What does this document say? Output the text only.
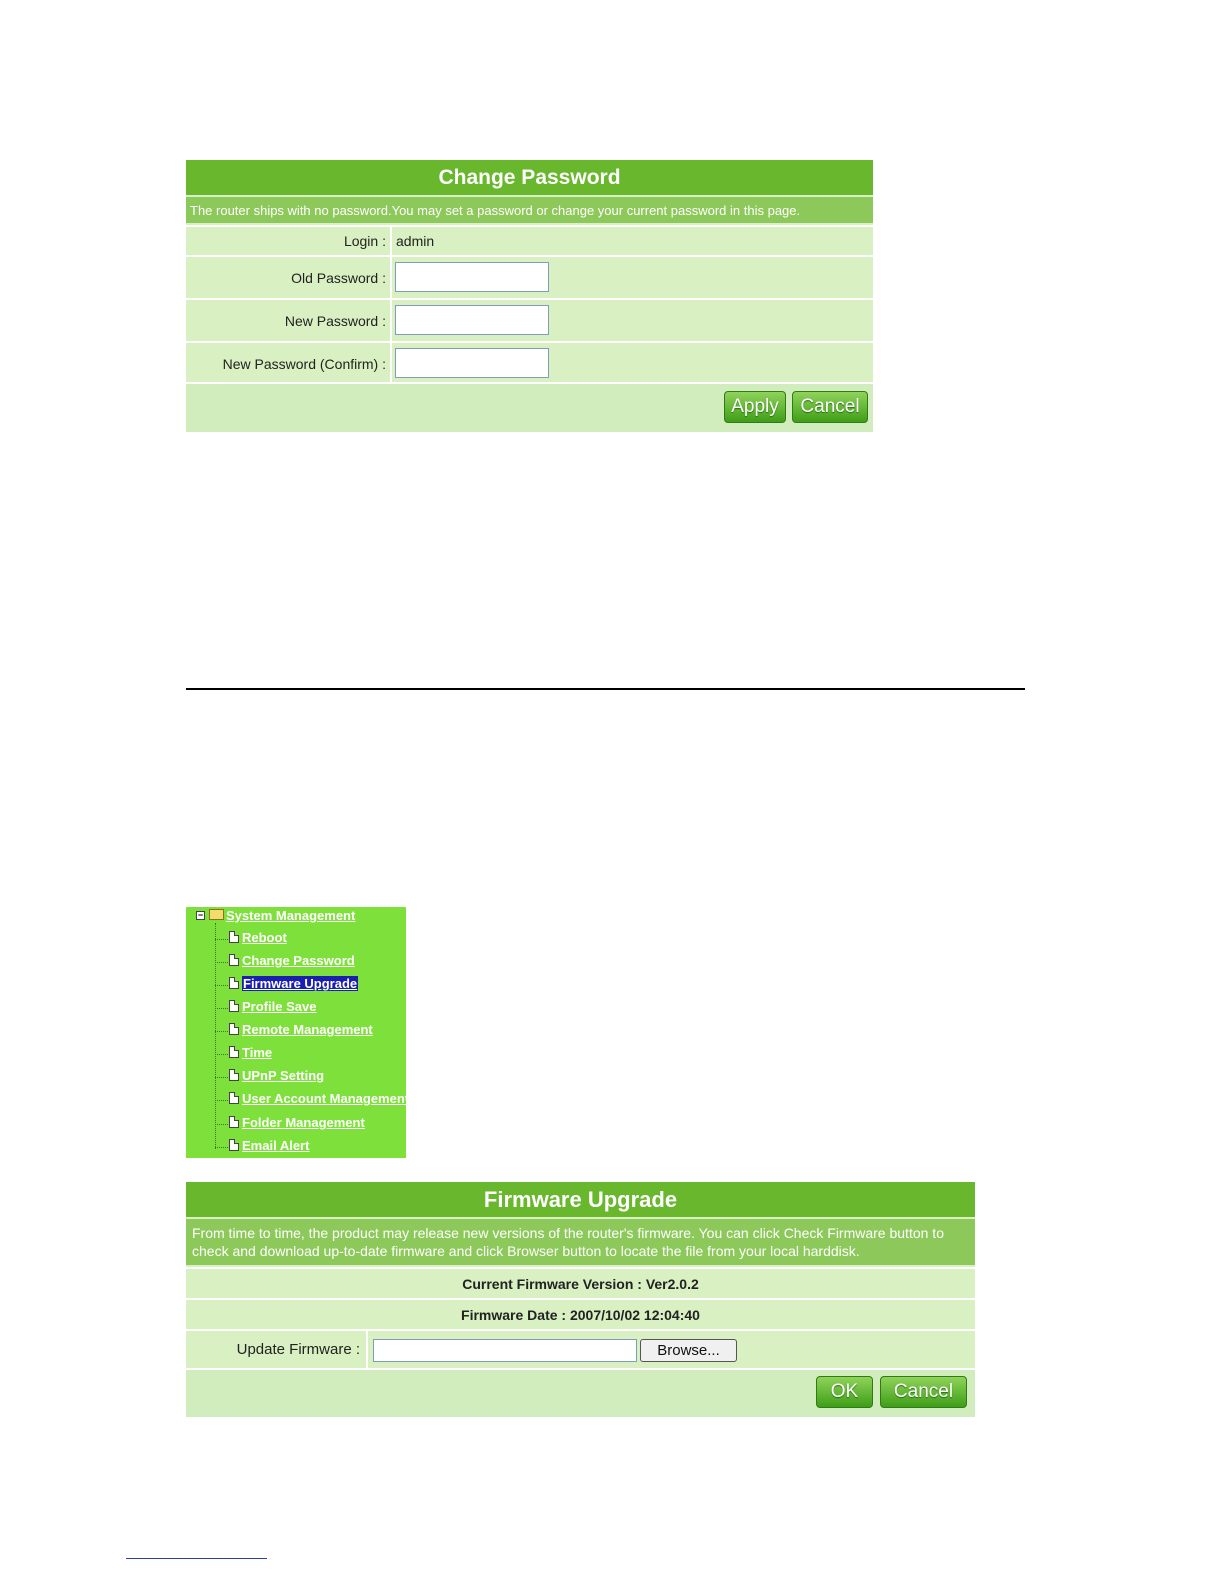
Change Password
The router ships with no password.You may set a password or change your current password in this page.
Login : admin
Old Password :
New Password :
New Password (Confirm) :
Apply	Cancel
− System Management
Reboot
Change Password
Firmware Upgrade
Profile Save
Remote Management
Time
UPnP Setting
User Account Management
Folder Management
Email Alert
Firmware Upgrade
From time to time, the product may release new versions of the router's firmware. You can click Check Firmware button to check and download up-to-date firmware and click Browser button to locate the file from your local harddisk.
Current Firmware Version : Ver2.0.2
Firmware Date : 2007/10/02 12:04:40
Update Firmware :	Browse...
OK	Cancel
